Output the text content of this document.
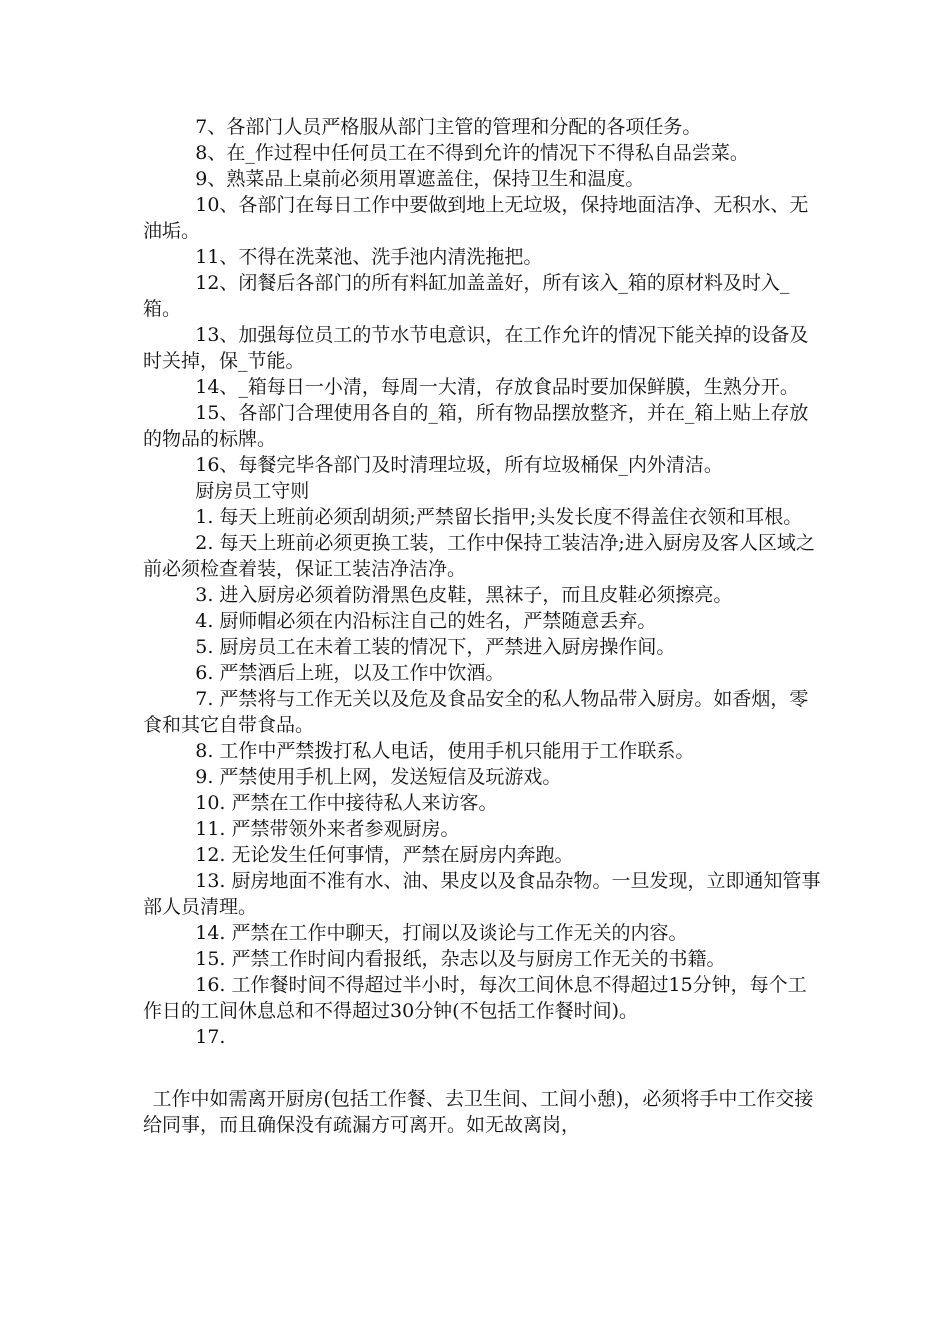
7、各部门人员严格服从部门主管的管理和分配的各项任务。

8、在_作过程中任何员工在不得到允许的情况下不得私自品尝菜。

9、熟菜品上桌前必须用罩遮盖住，保持卫生和温度。

10、各部门在每日工作中要做到地上无垃圾，保持地面洁净、无积水、无油垢。

11、不得在洗菜池、洗手池内清洗拖把。

12、闭餐后各部门的所有料缸加盖盖好，所有该入_箱的原材料及时入_箱。

13、加强每位员工的节水节电意识，在工作允许的情况下能关掉的设备及时关掉，保_节能。

14、_箱每日一小清，每周一大清，存放食品时要加保鲜膜，生熟分开。

15、各部门合理使用各自的_箱，所有物品摆放整齐，并在_箱上贴上存放的物品的标牌。

16、每餐完毕各部门及时清理垃圾，所有垃圾桶保_内外清洁。

厨房员工守则

1. 每天上班前必须刮胡须;严禁留长指甲;头发长度不得盖住衣领和耳根。

2. 每天上班前必须更换工装，工作中保持工装洁净;进入厨房及客人区域之前必须检查着装，保证工装洁净洁净。

3. 进入厨房必须着防滑黑色皮鞋，黑袜子，而且皮鞋必须擦亮。

4. 厨师帽必须在内沿标注自己的姓名，严禁随意丢弃。

5. 厨房员工在未着工装的情况下，严禁进入厨房操作间。

6. 严禁酒后上班，以及工作中饮酒。

7. 严禁将与工作无关以及危及食品安全的私人物品带入厨房。如香烟，零食和其它自带食品。

8. 工作中严禁拨打私人电话，使用手机只能用于工作联系。

9. 严禁使用手机上网，发送短信及玩游戏。

10. 严禁在工作中接待私人来访客。

11. 严禁带领外来者参观厨房。

12. 无论发生任何事情，严禁在厨房内奔跑。

13. 厨房地面不准有水、油、果皮以及食品杂物。一旦发现，立即通知管事部人员清理。

14. 严禁在工作中聊天，打闹以及谈论与工作无关的内容。

15. 严禁工作时间内看报纸，杂志以及与厨房工作无关的书籍。

16. 工作餐时间不得超过半小时，每次工间休息不得超过15分钟，每个工作日的工间休息总和不得超过30分钟(不包括工作餐时间)。

17.

工作中如需离开厨房(包括工作餐、去卫生间、工间小憩)，必须将手中工作交接给同事，而且确保没有疏漏方可离开。如无故离岗，
